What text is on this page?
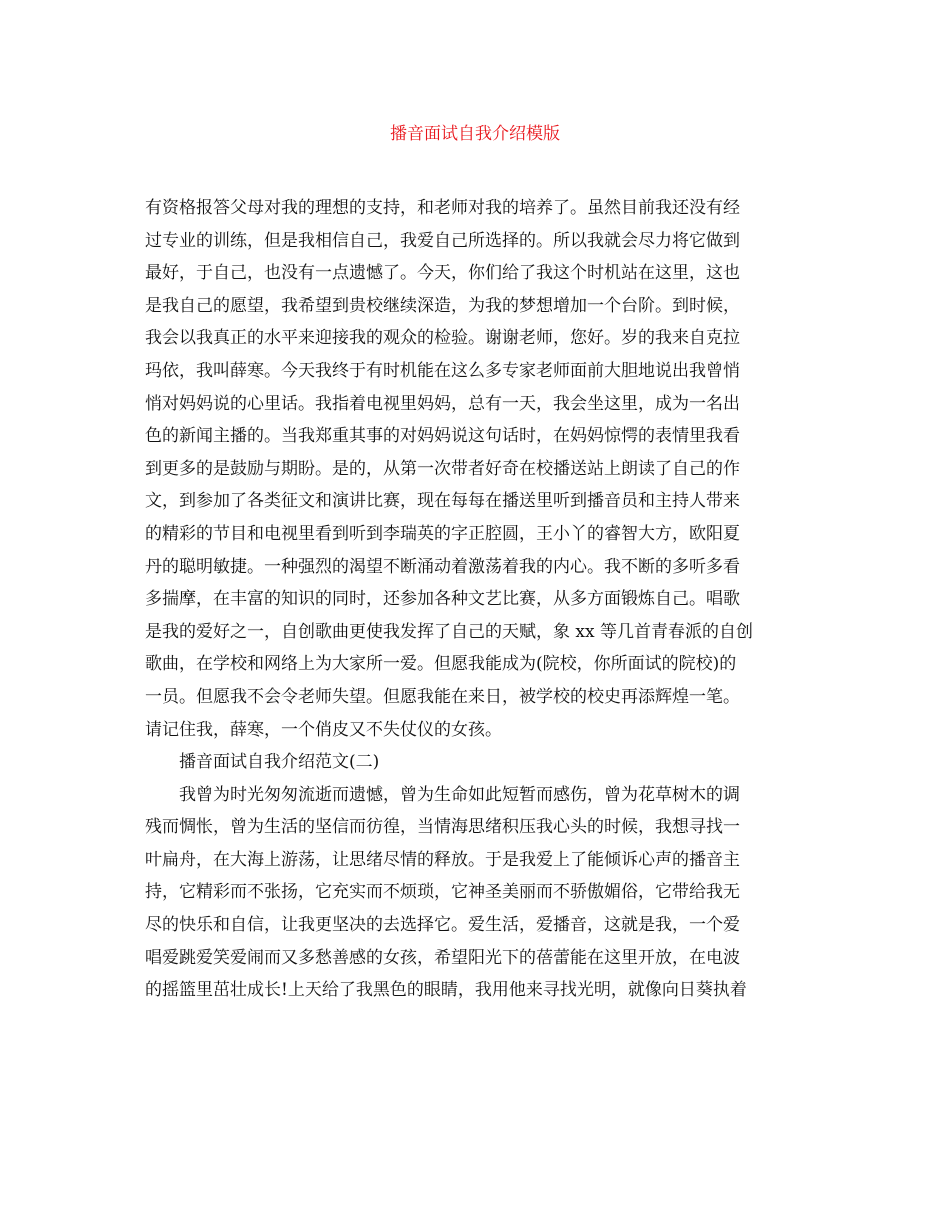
播音面试自我介绍模版
有资格报答父母对我的理想的支持，和老师对我的培养了。虽然目前我还没有经
过专业的训练，但是我相信自己，我爱自己所选择的。所以我就会尽力将它做到
最好，于自己，也没有一点遗憾了。今天，你们给了我这个时机站在这里，这也
是我自己的愿望，我希望到贵校继续深造，为我的梦想增加一个台阶。到时候，
我会以我真正的水平来迎接我的观众的检验。谢谢老师，您好。岁的我来自克拉
玛依，我叫薛寒。今天我终于有时机能在这么多专家老师面前大胆地说出我曾悄
悄对妈妈说的心里话。我指着电视里妈妈，总有一天，我会坐这里，成为一名出
色的新闻主播的。当我郑重其事的对妈妈说这句话时，在妈妈惊愕的表情里我看
到更多的是鼓励与期盼。是的，从第一次带者好奇在校播送站上朗读了自己的作
文，到参加了各类征文和演讲比赛，现在每每在播送里听到播音员和主持人带来
的精彩的节目和电视里看到听到李瑞英的字正腔圆，王小丫的睿智大方，欧阳夏
丹的聪明敏捷。一种强烈的渴望不断涌动着激荡着我的内心。我不断的多听多看
多揣摩，在丰富的知识的同时，还参加各种文艺比赛，从多方面锻炼自己。唱歌
是我的爱好之一，自创歌曲更使我发挥了自己的天赋，象 xx 等几首青春派的自创
歌曲，在学校和网络上为大家所一爱。但愿我能成为(院校，你所面试的院校)的
一员。但愿我不会令老师失望。但愿我能在来日，被学校的校史再添辉煌一笔。
请记住我，薛寒，一个俏皮又不失仗仪的女孩。
播音面试自我介绍范文(二)
我曾为时光匆匆流逝而遗憾，曾为生命如此短暂而感伤，曾为花草树木的调
残而惆怅，曾为生活的坚信而彷徨，当情海思绪积压我心头的时候，我想寻找一
叶扁舟，在大海上游荡，让思绪尽情的释放。于是我爱上了能倾诉心声的播音主
持，它精彩而不张扬，它充实而不烦琐，它神圣美丽而不骄傲媚俗，它带给我无
尽的快乐和自信，让我更坚决的去选择它。爱生活，爱播音，这就是我，一个爱
唱爱跳爱笑爱闹而又多愁善感的女孩，希望阳光下的蓓蕾能在这里开放，在电波
的摇篮里茁壮成长!上天给了我黑色的眼睛，我用他来寻找光明，就像向日葵执着
